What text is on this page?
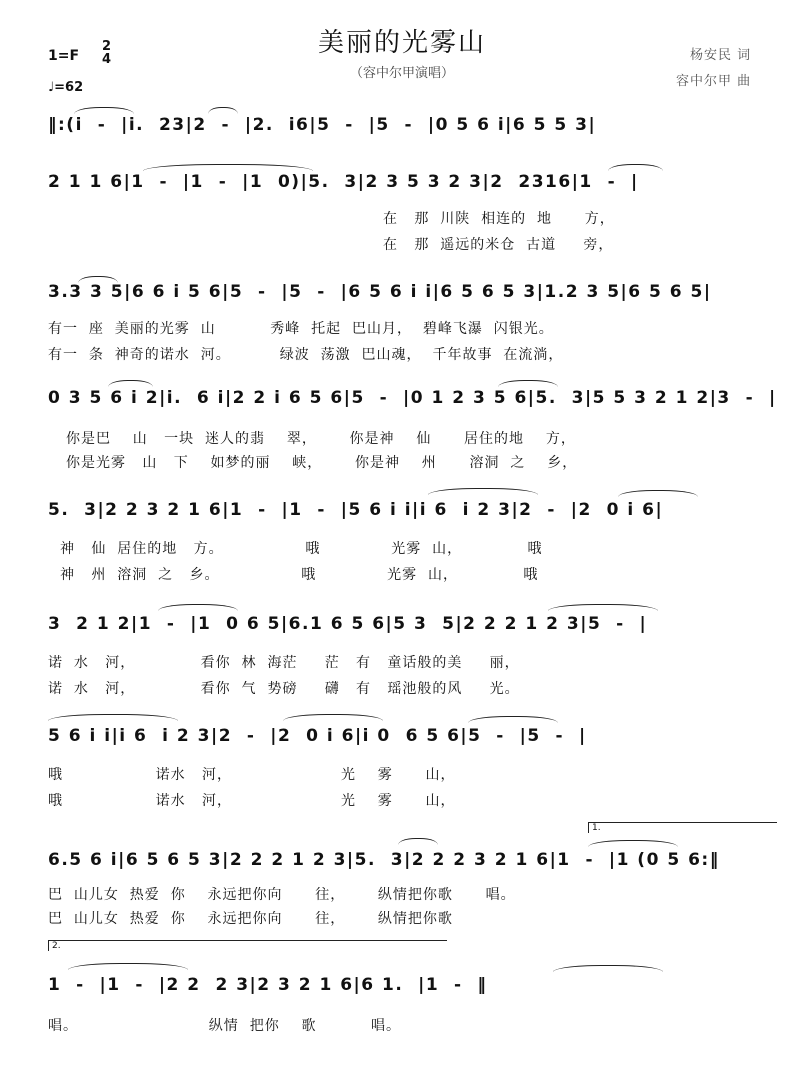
美丽的光雾山
（容中尔甲演唱）
杨安民 词
容中尔甲 曲
1=F
2
4
♩=62
‖:(i  -  |i.  23|2  -  |2.  i6|5  -  |5  -  |0 5 6 i|6 5 5 3|
2 1 1 6|1  -  |1  -  |1  0)|5.  3|2 3 5 3 2 3|2  2316|1  -  |
在   那  川陕  相连的  地      方，
在   那  遥远的米仓  古道     旁，
3.3 3 5|6 6 i 5 6|5  -  |5  -  |6 5 6 i i|6 5 6 5 3|1.2 3 5|6 5 6 5|
有一  座  美丽的光雾  山          秀峰  托起  巴山月，  碧峰飞瀑  闪银光。
有一  条  神奇的诺水  河。         绿波  荡激  巴山魂，  千年故事  在流淌，
0 3 5 6 i 2|i.  6 i|2 2 i 6 5 6|5  -  |0 1 2 3 5 6|5.  3|5 5 3 2 1 2|3  -  |
你是巴    山   一块  迷人的翡    翠，      你是神    仙      居住的地    方，
你是光雾   山   下    如梦的丽    峡，      你是神    州      溶洞  之    乡，
5.  3|2 2 3 2 1 6|1  -  |1  -  |5 6 i i|i 6  i 2 3|2  -  |2  0 i 6|
神   仙  居住的地   方。               哦             光雾  山，            哦
神   州  溶洞  之   乡。               哦             光雾  山，            哦
3  2 1 2|1  -  |1  0 6 5|6.1 6 5 6|5 3  5|2 2 2 1 2 3|5  -  |
诺  水   河，            看你  林  海茫     茫   有   童话般的美     丽，
诺  水   河，            看你  气  势磅     礴   有   瑶池般的风     光。
5 6 i i|i 6  i 2 3|2  -  |2  0 i 6|i 0  6 5 6|5  -  |5  -  |
哦                 诺水   河，                    光    雾      山，
哦                 诺水   河，                    光    雾      山，
1.
6.5 6 i|6 5 6 5 3|2 2 2 1 2 3|5.  3|2 2 2 3 2 1 6|1  -  |1 (0 5 6:‖
巴  山儿女  热爱  你    永远把你向      往，      纵情把你歌      唱。
巴  山儿女  热爱  你    永远把你向      往，      纵情把你歌
2.
1  -  |1  -  |2 2  2 3|2 3 2 1 6|6 1.  |1  -  ‖
唱。                        纵情  把你    歌          唱。
